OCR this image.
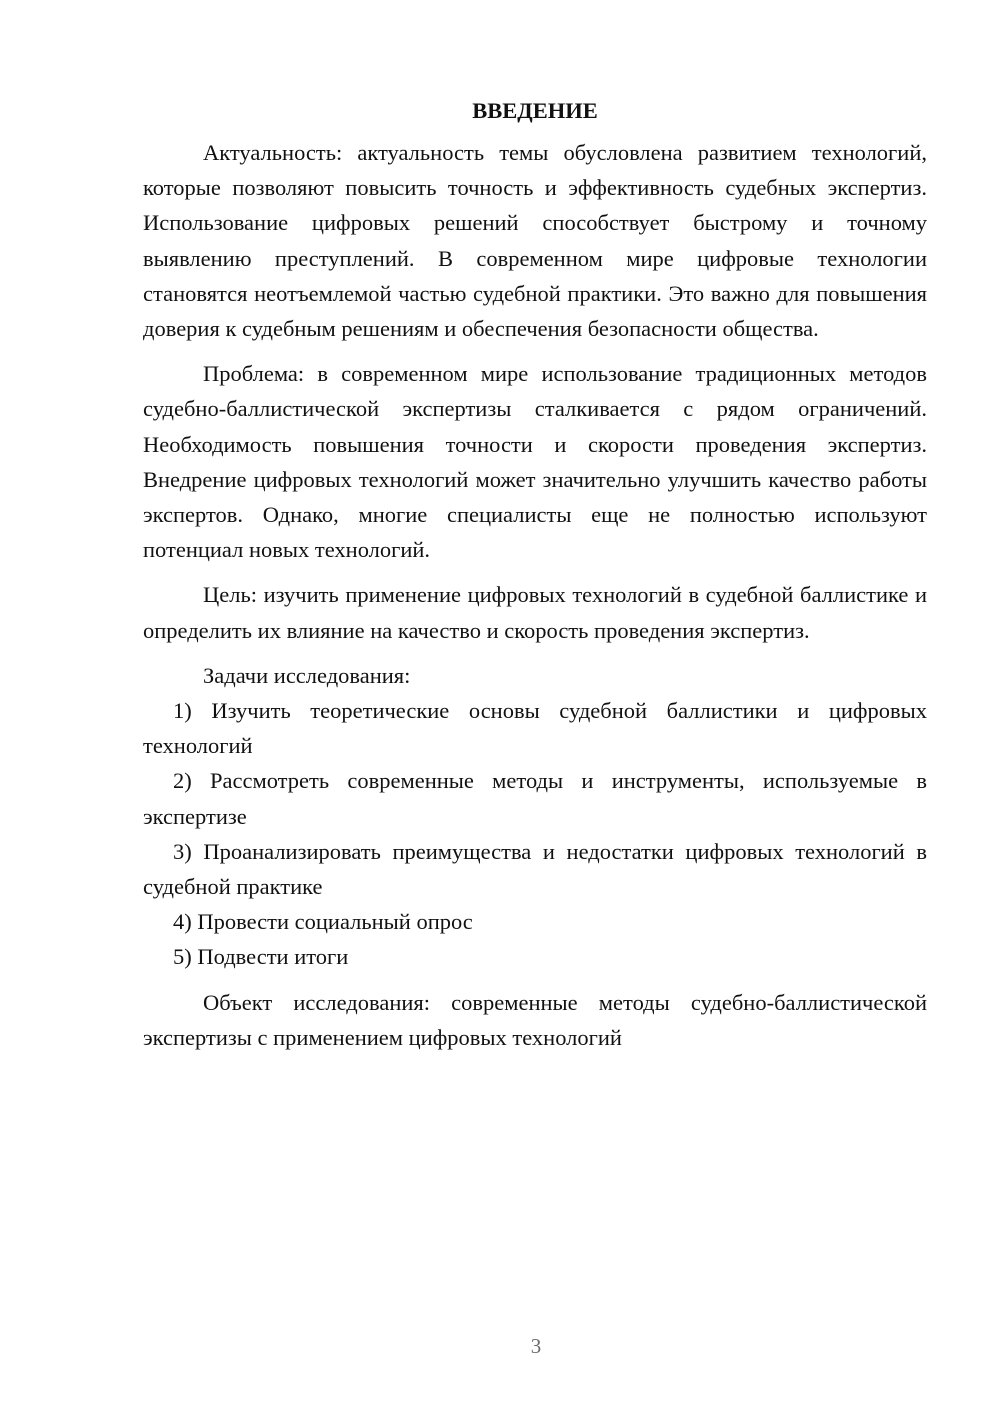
ВВЕДЕНИЕ

Актуальность: актуальность темы обусловлена развитием технологий, которые позволяют повысить точность и эффективность судебных экспертиз. Использование цифровых решений способствует быстрому и точному выявлению преступлений. В современном мире цифровые технологии становятся неотъемлемой частью судебной практики. Это важно для повышения доверия к судебным решениям и обеспечения безопасности общества.

Проблема: в современном мире использование традиционных методов судебно-баллистической экспертизы сталкивается с рядом ограничений. Необходимость повышения точности и скорости проведения экспертиз. Внедрение цифровых технологий может значительно улучшить качество работы экспертов. Однако, многие специалисты еще не полностью используют потенциал новых технологий.

Цель: изучить применение цифровых технологий в судебной баллистике и определить их влияние на качество и скорость проведения экспертиз.

Задачи исследования:

1) Изучить теоретические основы судебной баллистики и цифровых технологий

2) Рассмотреть современные методы и инструменты, используемые в экспертизе

3) Проанализировать преимущества и недостатки цифровых технологий в судебной практике

4) Провести социальный опрос

5) Подвести итоги

Объект исследования: современные методы судебно-баллистической экспертизы с применением цифровых технологий

3
